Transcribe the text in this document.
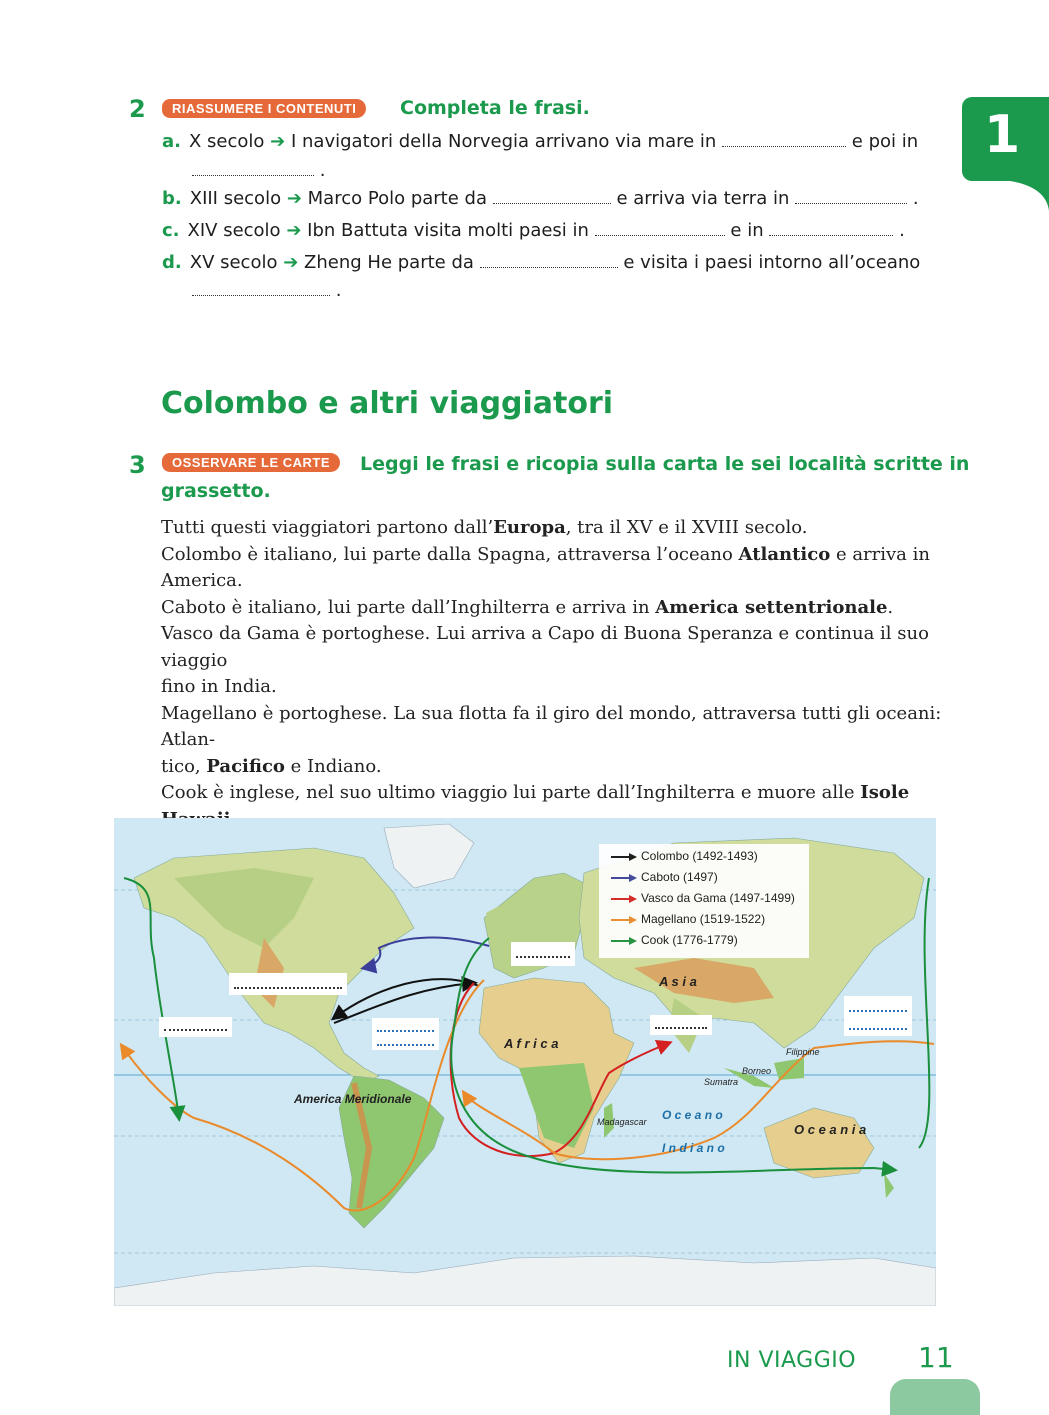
1
2	RIASSUMERE I CONTENUTI	Completa le frasi.
a. X secolo ➔ I navigatori della Norvegia arrivano via mare in	e poi in
.
b. XIII secolo ➔ Marco Polo parte da	e arriva via terra in	.
c. XIV secolo ➔ Ibn Battuta visita molti paesi in	e in	.
d. XV secolo ➔ Zheng He parte da	e visita i paesi intorno all’oceano
.
Colombo e altri viaggiatori
3	OSSERVARE LE CARTE	Leggi le frasi e ricopia sulla carta le sei località scritte in
grassetto.
Tutti questi viaggiatori partono dall’Europa, tra il XV e il XVIII secolo.
Colombo è italiano, lui parte dalla Spagna, attraversa l’oceano Atlantico e arriva in America.
Caboto è italiano, lui parte dall’Inghilterra e arriva in America settentrionale.
Vasco da Gama è portoghese. Lui arriva a Capo di Buona Speranza e continua il suo viaggio
fino in India.
Magellano è portoghese. La sua flotta fa il giro del mondo, attraversa tutti gli oceani: Atlan-
tico, Pacifico e Indiano.
Cook è inglese, nel suo ultimo viaggio lui parte dall’Inghilterra e muore alle Isole
Colombo (1492-1493)
Caboto (1497)
Vasco da Gama (1497-1499)
Magellano (1519-1522)
Cook (1776-1779)
A s i a
A f r i c a
America Meridionale
O c e a n o
I n d i a n o
O c e a n i a
Madagascar
Sumatra
Borneo
Filippine
IN VIAGGIO 11
